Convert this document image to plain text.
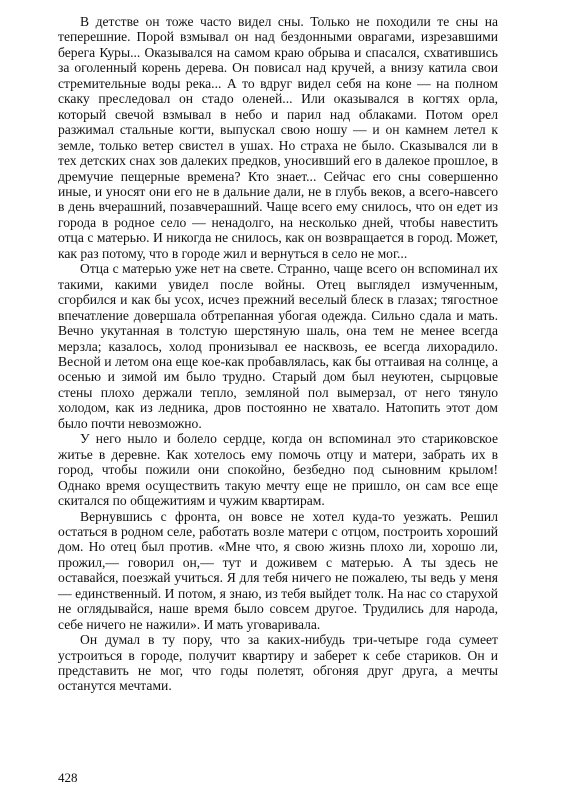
В детстве он тоже часто видел сны. Только не походили те сны на теперешние. Порой взмывал он над бездонными оврагами, изрезавшими берега Куры... Оказывался на самом краю обрыва и спасался, схватившись за оголенный корень дерева. Он повисал над кручей, а внизу катила свои стремительные воды река... А то вдруг видел себя на коне — на полном скаку преследовал он стадо оленей... Или оказывался в когтях орла, который свечой взмывал в небо и парил над облаками. Потом орел разжимал стальные когти, выпускал свою ношу — и он камнем летел к земле, только ветер свистел в ушах. Но страха не было. Сказывался ли в тех детских снах зов далеких предков, уносивший его в далекое прошлое, в дремучие пещерные времена? Кто знает... Сейчас его сны совершенно иные, и уносят они его не в дальние дали, не в глубь веков, а всего-навсего в день вчерашний, позавчерашний. Чаще всего ему снилось, что он едет из города в родное село — ненадолго, на несколько дней, чтобы навестить отца с матерью. И никогда не снилось, как он возвращается в город. Может, как раз потому, что в городе жил и вернуться в село не мог...

Отца с матерью уже нет на свете. Странно, чаще всего он вспоминал их такими, какими увидел после войны. Отец выглядел измученным, сгорбился и как бы усох, исчез прежний веселый блеск в глазах; тягостное впечатление довершала обтрепанная убогая одежда. Сильно сдала и мать. Вечно укутанная в толстую шерстяную шаль, она тем не менее всегда мерзла; казалось, холод пронизывал ее насквозь, ее всегда лихорадило. Весной и летом она еще кое-как пробавлялась, как бы оттаивая на солнце, а осенью и зимой им было трудно. Старый дом был неуютен, сырцовые стены плохо держали тепло, земляной пол вымерзал, от него тянуло холодом, как из ледника, дров постоянно не хватало. Натопить этот дом было почти невозможно.

У него ныло и болело сердце, когда он вспоминал это стариковское житье в деревне. Как хотелось ему помочь отцу и матери, забрать их в город, чтобы пожили они спокойно, безбедно под сыновним крылом! Однако время осуществить такую мечту еще не пришло, он сам все еще скитался по общежитиям и чужим квартирам.

Вернувшись с фронта, он вовсе не хотел куда-то уезжать. Решил остаться в родном селе, работать возле матери с отцом, построить хороший дом. Но отец был против. «Мне что, я свою жизнь плохо ли, хорошо ли, прожил,— говорил он,— тут и доживем с матерью. А ты здесь не оставайся, поезжай учиться. Я для тебя ничего не пожалею, ты ведь у меня — единственный. И потом, я знаю, из тебя выйдет толк. На нас со старухой не оглядывайся, наше время было совсем другое. Трудились для народа, себе ничего не нажили». И мать уговаривала.

Он думал в ту пору, что за каких-нибудь три-четыре года сумеет устроиться в городе, получит квартиру и заберет к себе стариков. Он и представить не мог, что годы полетят, обгоняя друг друга, а мечты останутся мечтами.

428
